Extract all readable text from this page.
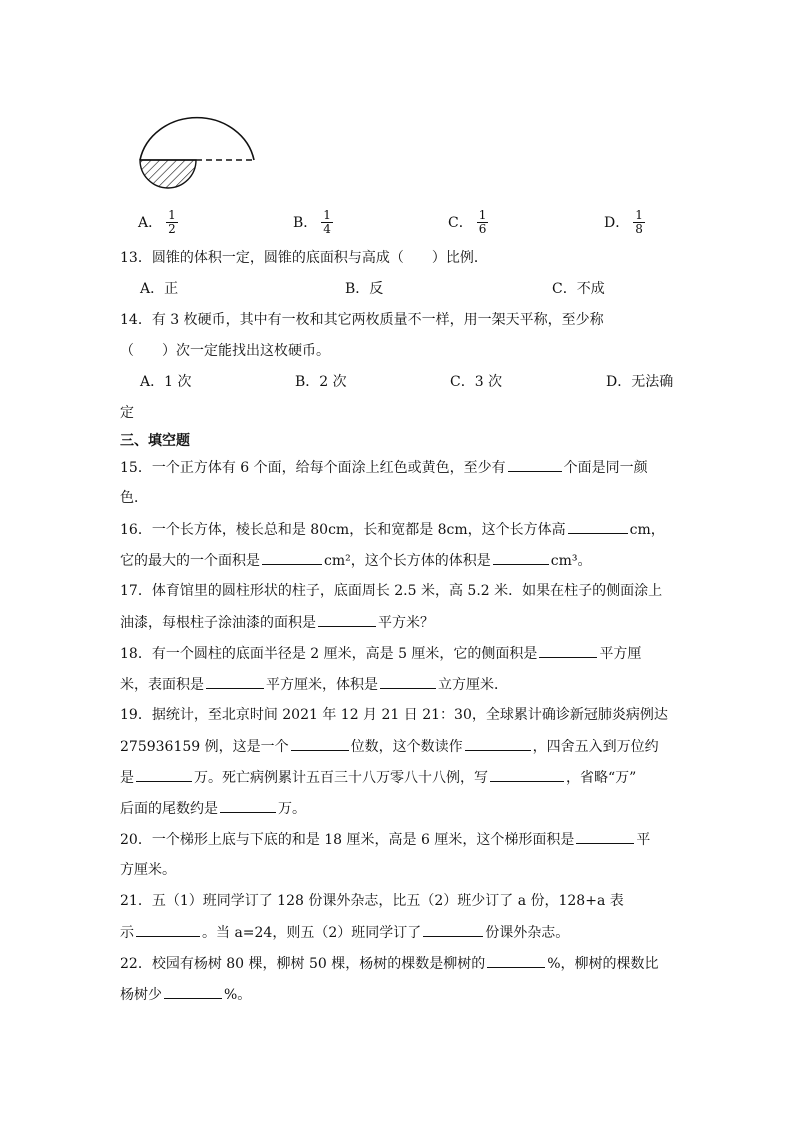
A． $\frac{1}{2}$	B． $\frac{1}{4}$	C． $\frac{1}{6}$	D． $\frac{1}{8}$
13．圆锥的体积一定，圆锥的底面积与高成（　　）比例．
A．正	B．反	C．不成
14．有 3 枚硬币，其中有一枚和其它两枚质量不一样，用一架天平称，至少称
（　　）次一定能找出这枚硬币。
A．1 次	B．2 次	C．3 次	D．无法确
定
三、填空题
15．一个正方体有 6 个面，给每个面涂上红色或黄色，至少有	个面是同一颜
色．
16．一个长方体，棱长总和是 80cm，长和宽都是 8cm，这个长方体高	cm，
它的最大的一个面积是	cm²，这个长方体的体积是	cm³。
17．体育馆里的圆柱形状的柱子，底面周长 2.5 米，高 5.2 米．如果在柱子的侧面涂上
油漆，每根柱子涂油漆的面积是	平方米？
18．有一个圆柱的底面半径是 2 厘米，高是 5 厘米，它的侧面积是	平方厘
米，表面积是	平方厘米，体积是	立方厘米．
19．据统计，至北京时间 2021 年 12 月 21 日 21：30，全球累计确诊新冠肺炎病例达
275936159 例，这是一个	位数，这个数读作	，四舍五入到万位约
是	万。死亡病例累计五百三十八万零八十八例，写	，省略“万”
后面的尾数约是	万。
20．一个梯形上底与下底的和是 18 厘米，高是 6 厘米，这个梯形面积是	平
方厘米。
21．五（1）班同学订了 128 份课外杂志，比五（2）班少订了 a 份，128+a 表
示	。当 a=24，则五（2）班同学订了	份课外杂志。
22．校园有杨树 80 棵，柳树 50 棵，杨树的棵数是柳树的	%，柳树的棵数比
杨树少	%。
